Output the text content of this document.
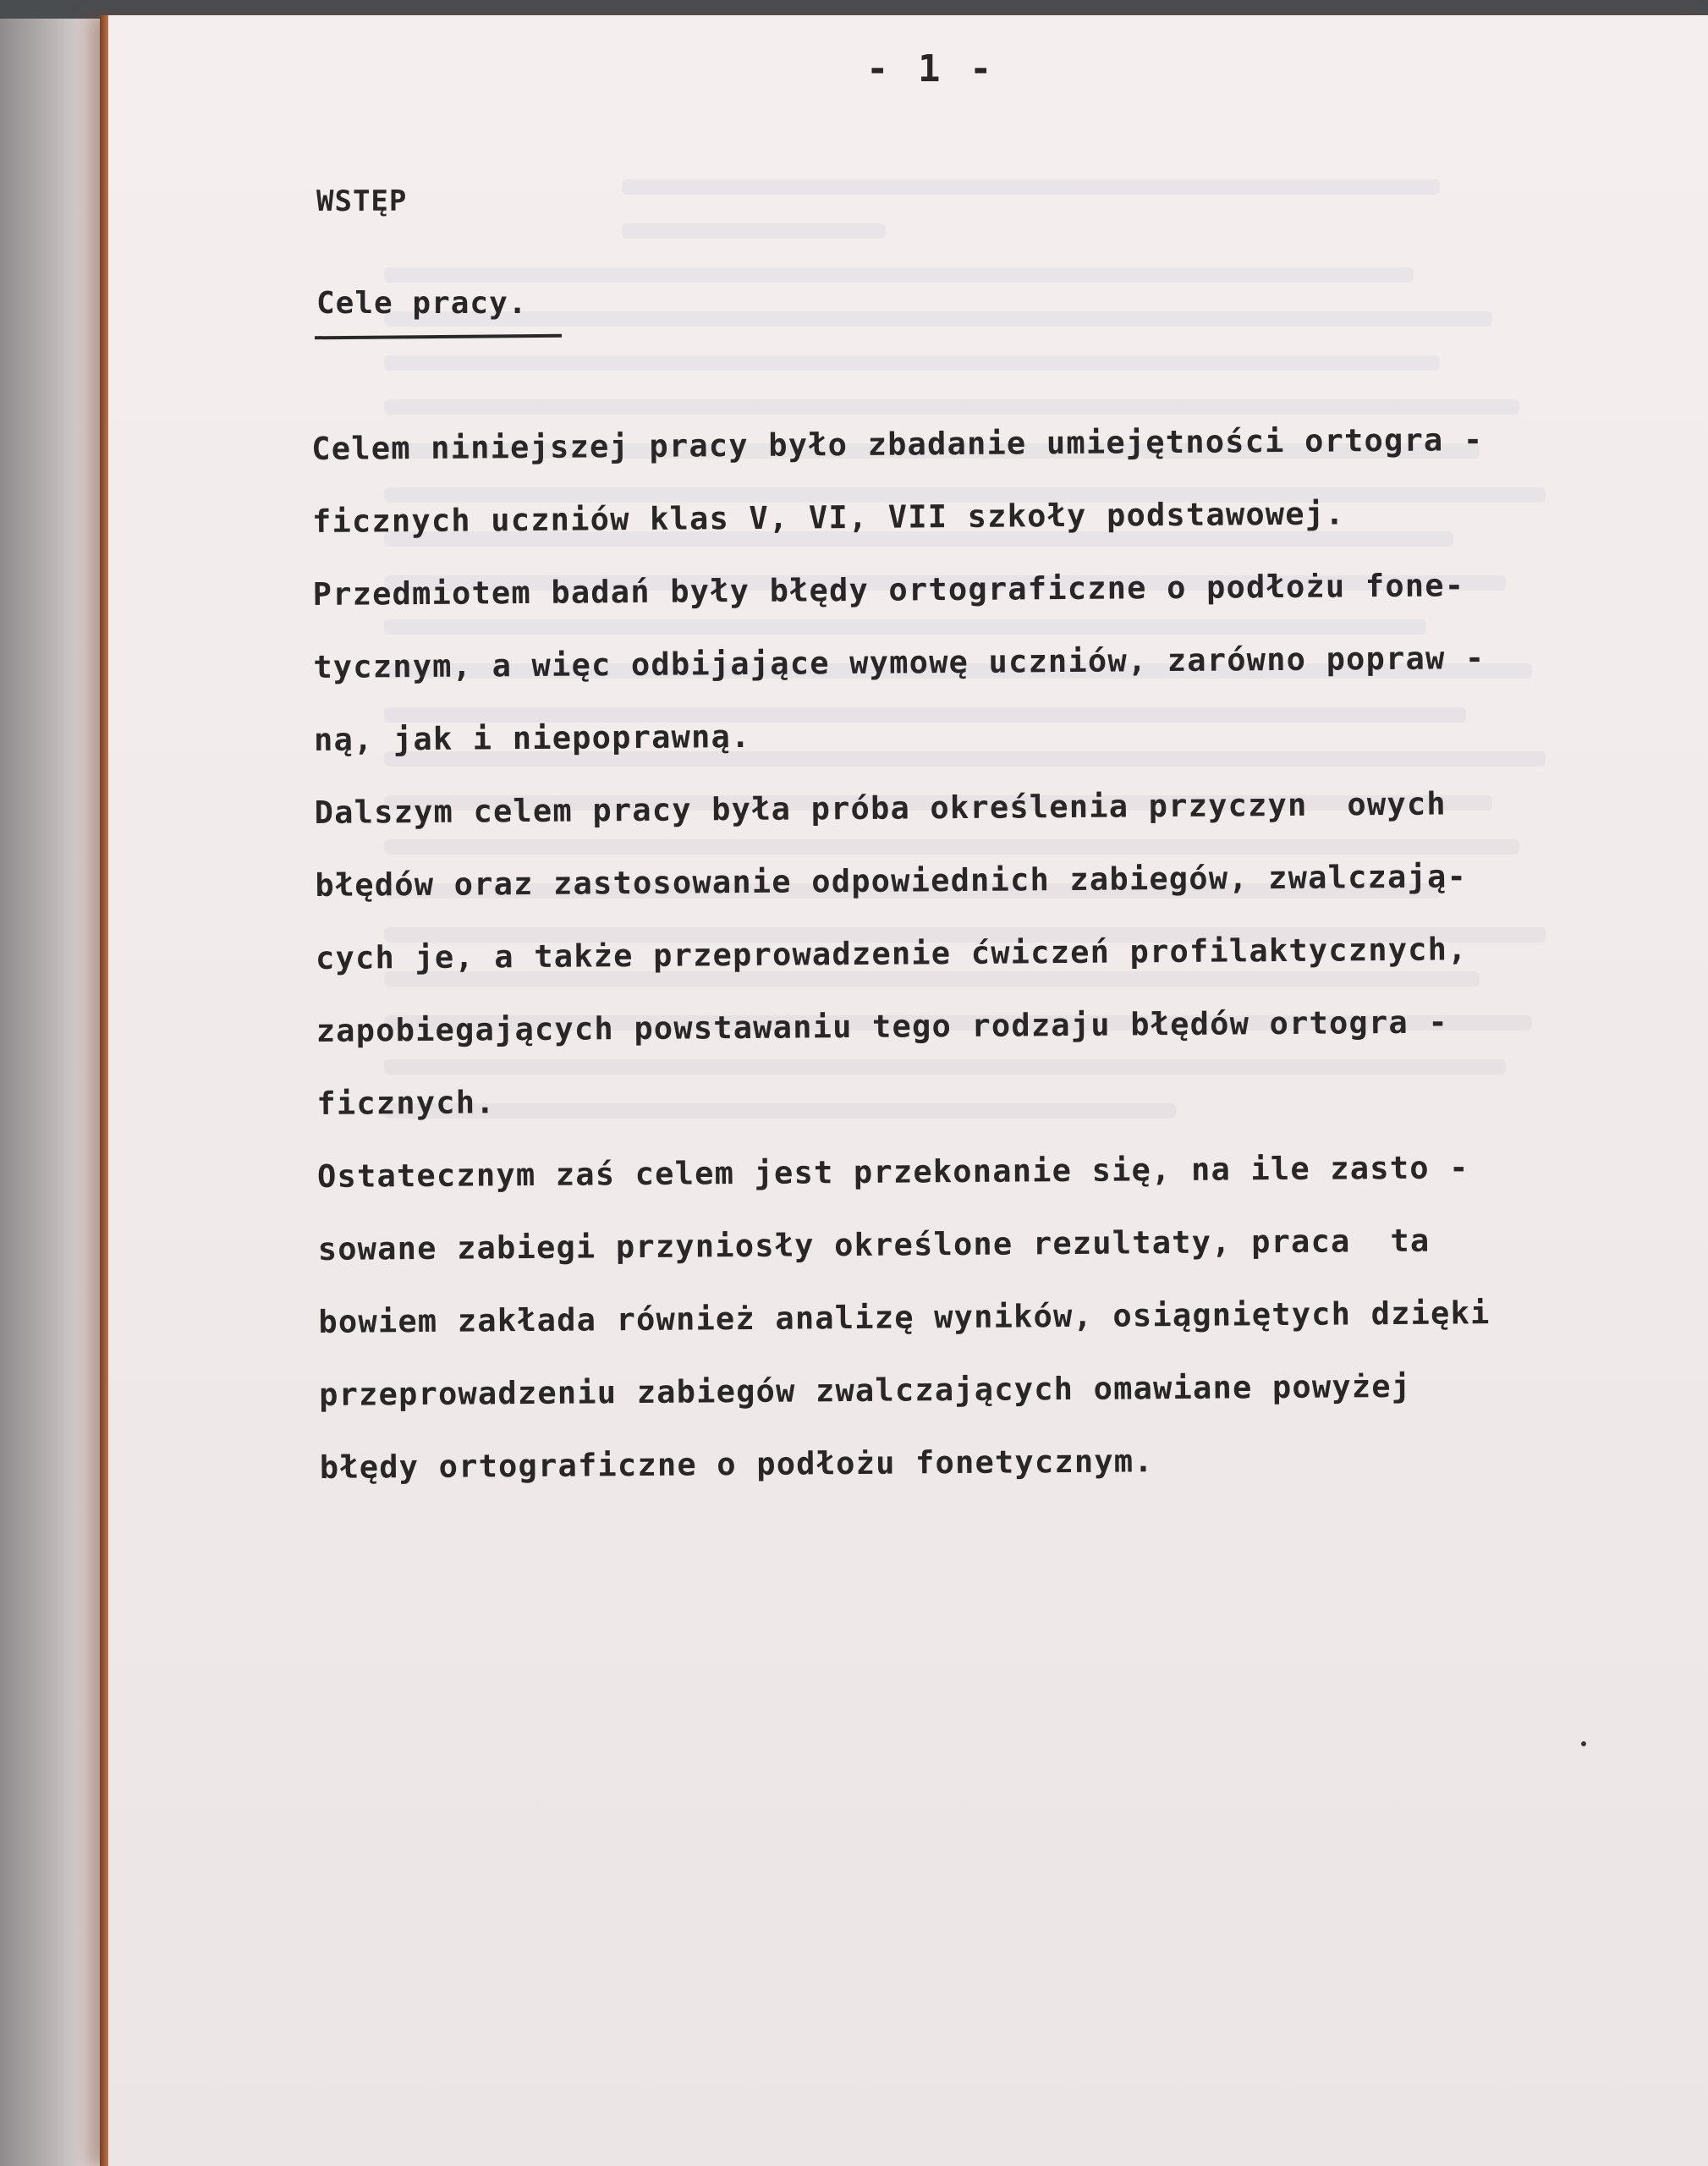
- 1 -
WSTĘP
Cele pracy.
Celem niniejszej pracy było zbadanie umiejętności ortogra -
ficznych uczniów klas V, VI, VII szkoły podstawowej.
Przedmiotem badań były błędy ortograficzne o podłożu fone-
tycznym, a więc odbijające wymowę uczniów, zarówno popraw -
ną, jak i niepoprawną.
Dalszym celem pracy była próba określenia przyczyn  owych
błędów oraz zastosowanie odpowiednich zabiegów, zwalczają-
cych je, a także przeprowadzenie ćwiczeń profilaktycznych,
zapobiegających powstawaniu tego rodzaju błędów ortogra -
ficznych.
Ostatecznym zaś celem jest przekonanie się, na ile zasto -
sowane zabiegi przyniosły określone rezultaty, praca  ta
bowiem zakłada również analizę wyników, osiągniętych dzięki
przeprowadzeniu zabiegów zwalczających omawiane powyżej
błędy ortograficzne o podłożu fonetycznym.
